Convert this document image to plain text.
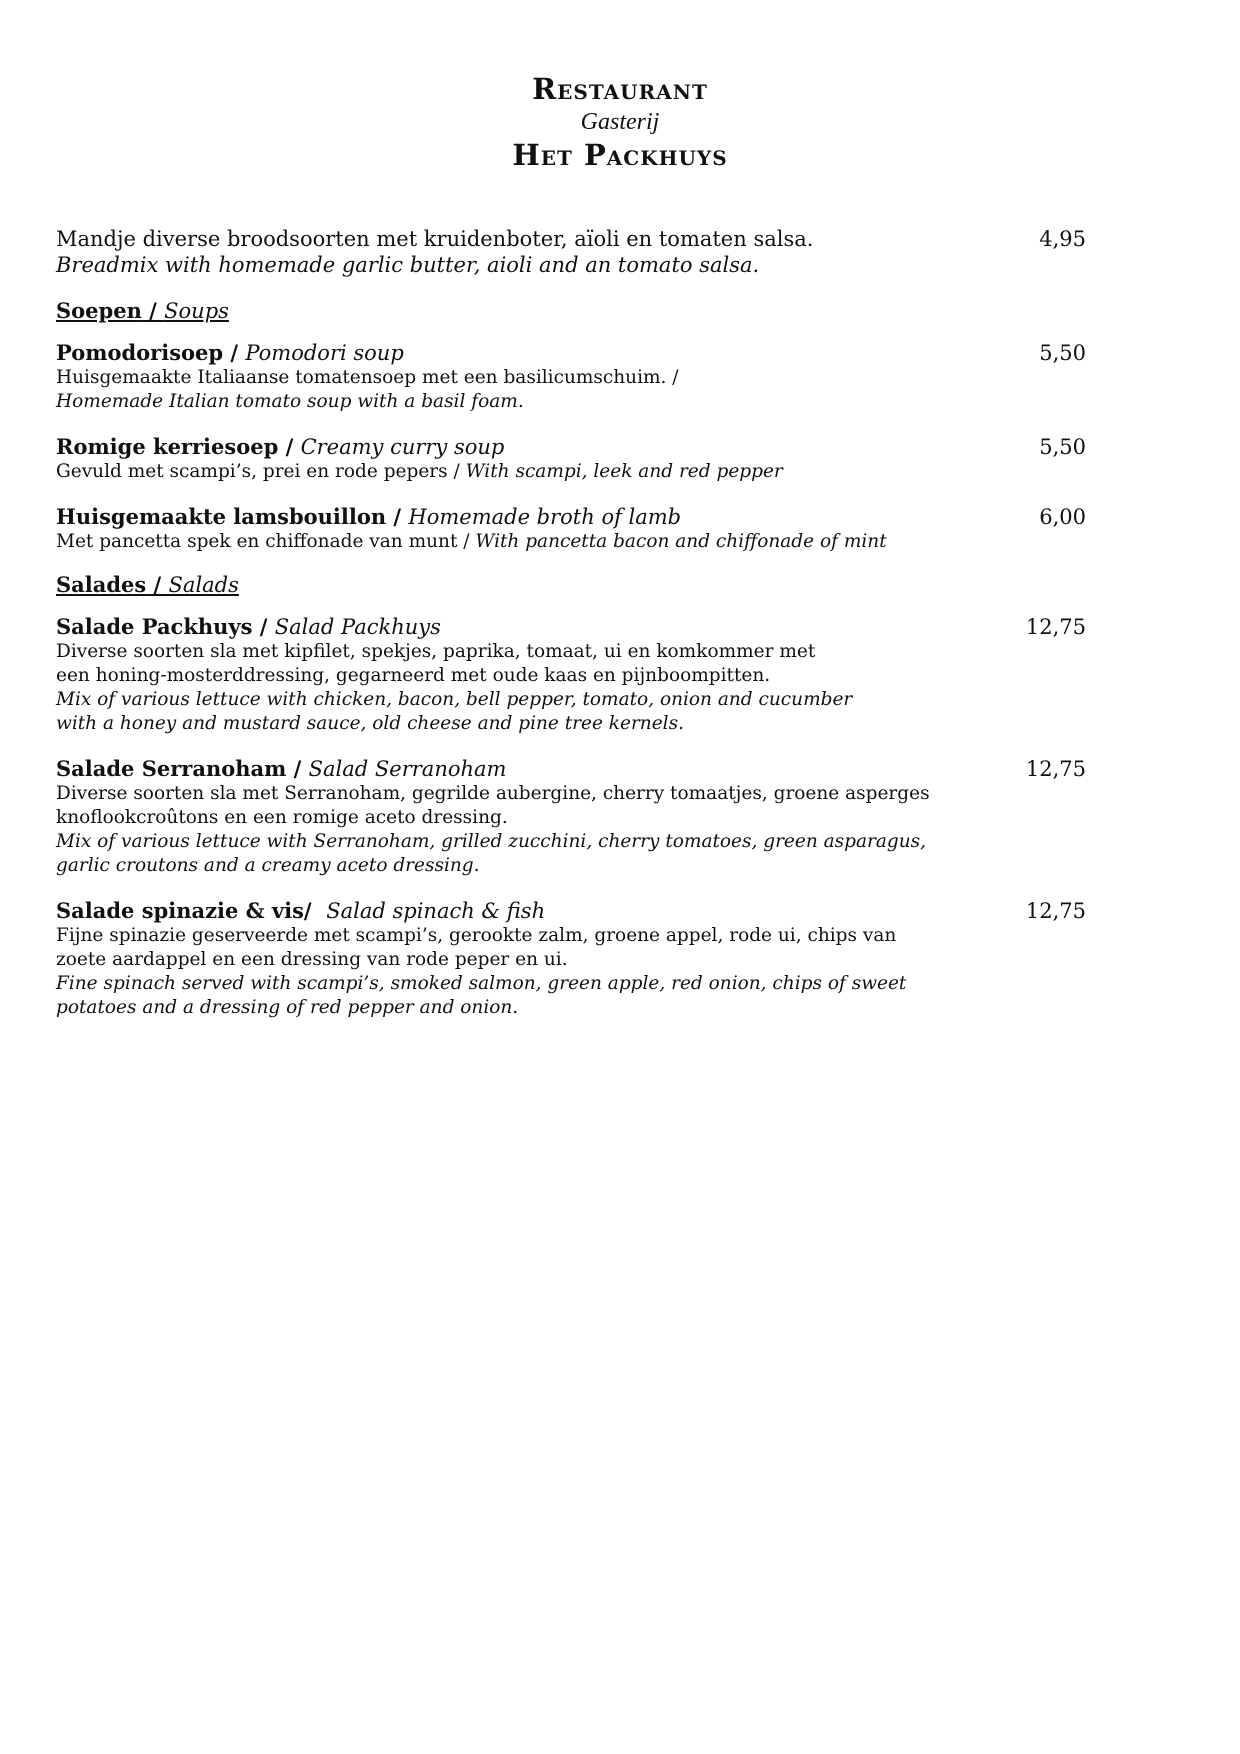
Restaurant
Gasterij
Het Packhuys
Mandje diverse broodsoorten met kruidenboter, aïoli en tomaten salsa.
Breadmix with homemade garlic butter, aioli and an tomato salsa.
4,95
Soepen / Soups
Pomodorisoep / Pomodori soup
Huisgemaakte Italiaanse tomatensoep met een basilicumschuim. /
Homemade Italian tomato soup with a basil foam.
5,50
Romige kerriesoep / Creamy curry soup
Gevuld met scampi’s, prei en rode pepers / With scampi, leek and red pepper
5,50
Huisgemaakte lamsbouillon / Homemade broth of lamb
Met pancetta spek en chiffonade van munt / With pancetta bacon and chiffonade of mint
6,00
Salades / Salads
Salade Packhuys / Salad Packhuys
Diverse soorten sla met kipfilet, spekjes, paprika, tomaat, ui en komkommer met
een honing-mosterddressing, gegarneerd met oude kaas en pijnboompitten.
Mix of various lettuce with chicken, bacon, bell pepper, tomato, onion and cucumber
with a honey and mustard sauce, old cheese and pine tree kernels.
12,75
Salade Serranoham / Salad Serranoham
Diverse soorten sla met Serranoham, gegrilde aubergine, cherry tomaatjes, groene asperges
knoflookcroûtons en een romige aceto dressing.
Mix of various lettuce with Serranoham, grilled zucchini, cherry tomatoes, green asparagus,
garlic croutons and a creamy aceto dressing.
12,75
Salade spinazie & vis/ Salad spinach & fish
Fijne spinazie geserveerde met scampi’s, gerookte zalm, groene appel, rode ui, chips van
zoete aardappel en een dressing van rode peper en ui.
Fine spinach served with scampi’s, smoked salmon, green apple, red onion, chips of sweet
potatoes and a dressing of red pepper and onion.
12,75
